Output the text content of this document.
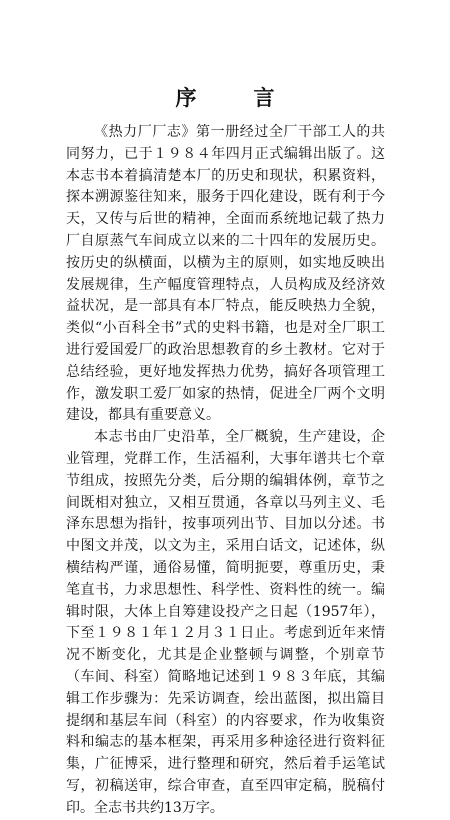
序　言

《热力厂厂志》第一册经过全厂干部工人的共同努力，已于１９８４年四月正式编辑出版了。这本志书本着搞清楚本厂的历史和现状，积累资料，探本溯源鉴往知来，服务于四化建设，既有利于今天，又传与后世的精神，全面而系统地记载了热力厂自原蒸气车间成立以来的二十四年的发展历史。按历史的纵横面，以横为主的原则，如实地反映出发展规律，生产幅度管理特点，人员构成及经济效益状况，是一部具有本厂特点，能反映热力全貌，类似“小百科全书”式的史料书籍，也是对全厂职工进行爱国爱厂的政治思想教育的乡土教材。它对于总结经验，更好地发挥热力优势，搞好各项管理工作，激发职工爱厂如家的热情，促进全厂两个文明建设，都具有重要意义。

本志书由厂史沿革，全厂概貌，生产建设，企业管理，党群工作，生活福利，大事年谱共七个章节组成，按照先分类，后分期的编辑体例，章节之间既相对独立，又相互贯通，各章以马列主义、毛泽东思想为指针，按事项列出节、目加以分述。书中图文并茂，以文为主，采用白话文，记述体，纵横结构严谨，通俗易懂，简明扼要，尊重历史，秉笔直书，力求思想性、科学性、资料性的统一。编辑时限，大体上自筹建设投产之日起（1957年），下至１９８１年１２月３１日止。考虑到近年来情况不断变化，尤其是企业整顿与调整，个别章节（车间、科室）简略地记述到１９８３年底，其编辑工作步骤为：先采访调查，绘出蓝图，拟出篇目提纲和基层车间（科室）的内容要求，作为收集资料和编志的基本框架，再采用多种途径进行资料征集，广征博采，进行整理和研究，然后着手运笔试写，初稿送审，综合审查，直至四审定稿，脱稿付印。全志书共约13万字。
